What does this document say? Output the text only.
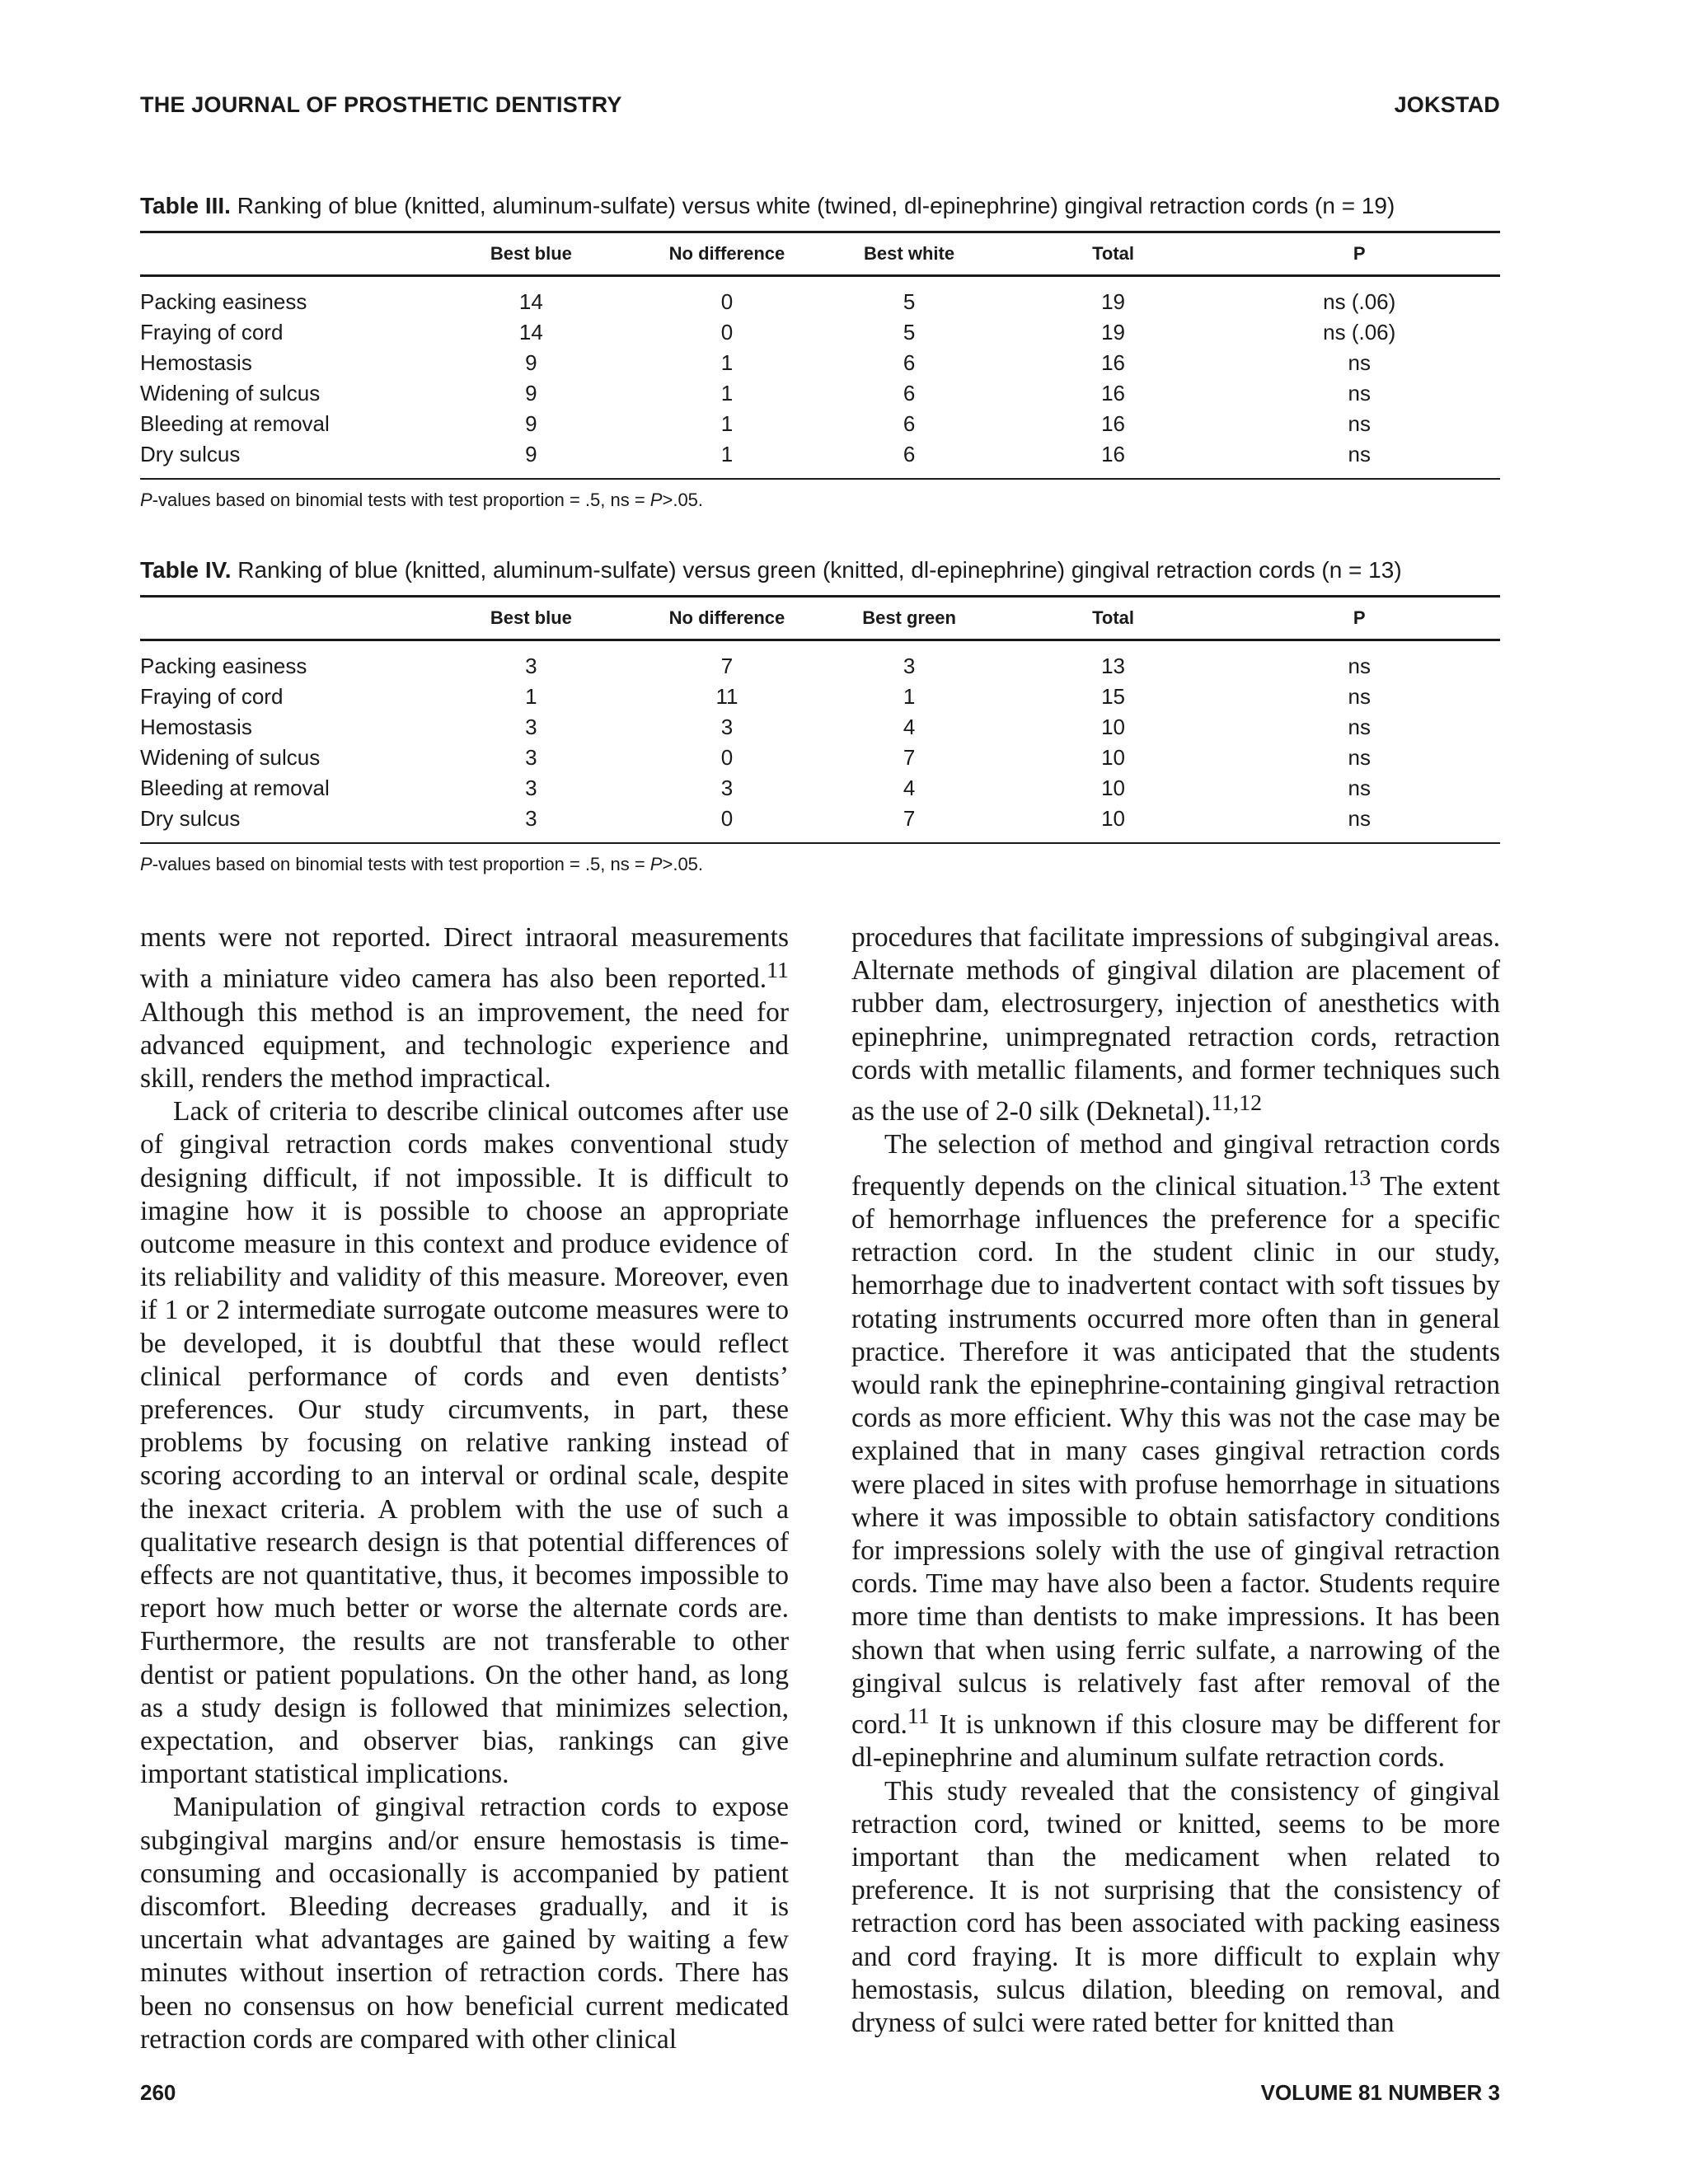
THE JOURNAL OF PROSTHETIC DENTISTRY	JOKSTAD
Table III. Ranking of blue (knitted, aluminum-sulfate) versus white (twined, dl-epinephrine) gingival retraction cords (n = 19)
	Best blue	No difference	Best white	Total	P
Packing easiness	14	0	5	19	ns (.06)
Fraying of cord	14	0	5	19	ns (.06)
Hemostasis	9	1	6	16	ns
Widening of sulcus	9	1	6	16	ns
Bleeding at removal	9	1	6	16	ns
Dry sulcus	9	1	6	16	ns
P-values based on binomial tests with test proportion = .5, ns = P>.05.
Table IV. Ranking of blue (knitted, aluminum-sulfate) versus green (knitted, dl-epinephrine) gingival retraction cords (n = 13)
	Best blue	No difference	Best green	Total	P
Packing easiness	3	7	3	13	ns
Fraying of cord	1	11	1	15	ns
Hemostasis	3	3	4	10	ns
Widening of sulcus	3	0	7	10	ns
Bleeding at removal	3	3	4	10	ns
Dry sulcus	3	0	7	10	ns
P-values based on binomial tests with test proportion = .5, ns = P>.05.

ments were not reported. Direct intraoral measurements with a miniature video camera has also been reported.$^{11}$ Although this method is an improvement, the need for advanced equipment, and technologic experience and skill, renders the method impractical.

Lack of criteria to describe clinical outcomes after use of gingival retraction cords makes conventional study designing difficult, if not impossible. It is difficult to imagine how it is possible to choose an appropriate outcome measure in this context and produce evidence of its reliability and validity of this measure. Moreover, even if 1 or 2 intermediate surrogate outcome measures were to be developed, it is doubtful that these would reflect clinical performance of cords and even dentists’ preferences. Our study circumvents, in part, these problems by focusing on relative ranking instead of scoring according to an interval or ordinal scale, despite the inexact criteria. A problem with the use of such a qualitative research design is that potential differences of effects are not quantitative, thus, it becomes impossible to report how much better or worse the alternate cords are. Furthermore, the results are not transferable to other dentist or patient populations. On the other hand, as long as a study design is followed that minimizes selection, expectation, and observer bias, rankings can give important statistical implications.

Manipulation of gingival retraction cords to expose subgingival margins and/or ensure hemostasis is time-consuming and occasionally is accompanied by patient discomfort. Bleeding decreases gradually, and it is uncertain what advantages are gained by waiting a few minutes without insertion of retraction cords. There has been no consensus on how beneficial current medicated retraction cords are compared with other clinical

procedures that facilitate impressions of subgingival areas. Alternate methods of gingival dilation are placement of rubber dam, electrosurgery, injection of anesthetics with epinephrine, unimpregnated retraction cords, retraction cords with metallic filaments, and former techniques such as the use of 2-0 silk (Deknetal).$^{11,12}$

The selection of method and gingival retraction cords frequently depends on the clinical situation.$^{13}$ The extent of hemorrhage influences the preference for a specific retraction cord. In the student clinic in our study, hemorrhage due to inadvertent contact with soft tissues by rotating instruments occurred more often than in general practice. Therefore it was anticipated that the students would rank the epinephrine-containing gingival retraction cords as more efficient. Why this was not the case may be explained that in many cases gingival retraction cords were placed in sites with profuse hemorrhage in situations where it was impossible to obtain satisfactory conditions for impressions solely with the use of gingival retraction cords. Time may have also been a factor. Students require more time than dentists to make impressions. It has been shown that when using ferric sulfate, a narrowing of the gingival sulcus is relatively fast after removal of the cord.$^{11}$ It is unknown if this closure may be different for dl-epinephrine and aluminum sulfate retraction cords.

This study revealed that the consistency of gingival retraction cord, twined or knitted, seems to be more important than the medicament when related to preference. It is not surprising that the consistency of retraction cord has been associated with packing easiness and cord fraying. It is more difficult to explain why hemostasis, sulcus dilation, bleeding on removal, and dryness of sulci were rated better for knitted than

260	VOLUME 81 NUMBER 3
